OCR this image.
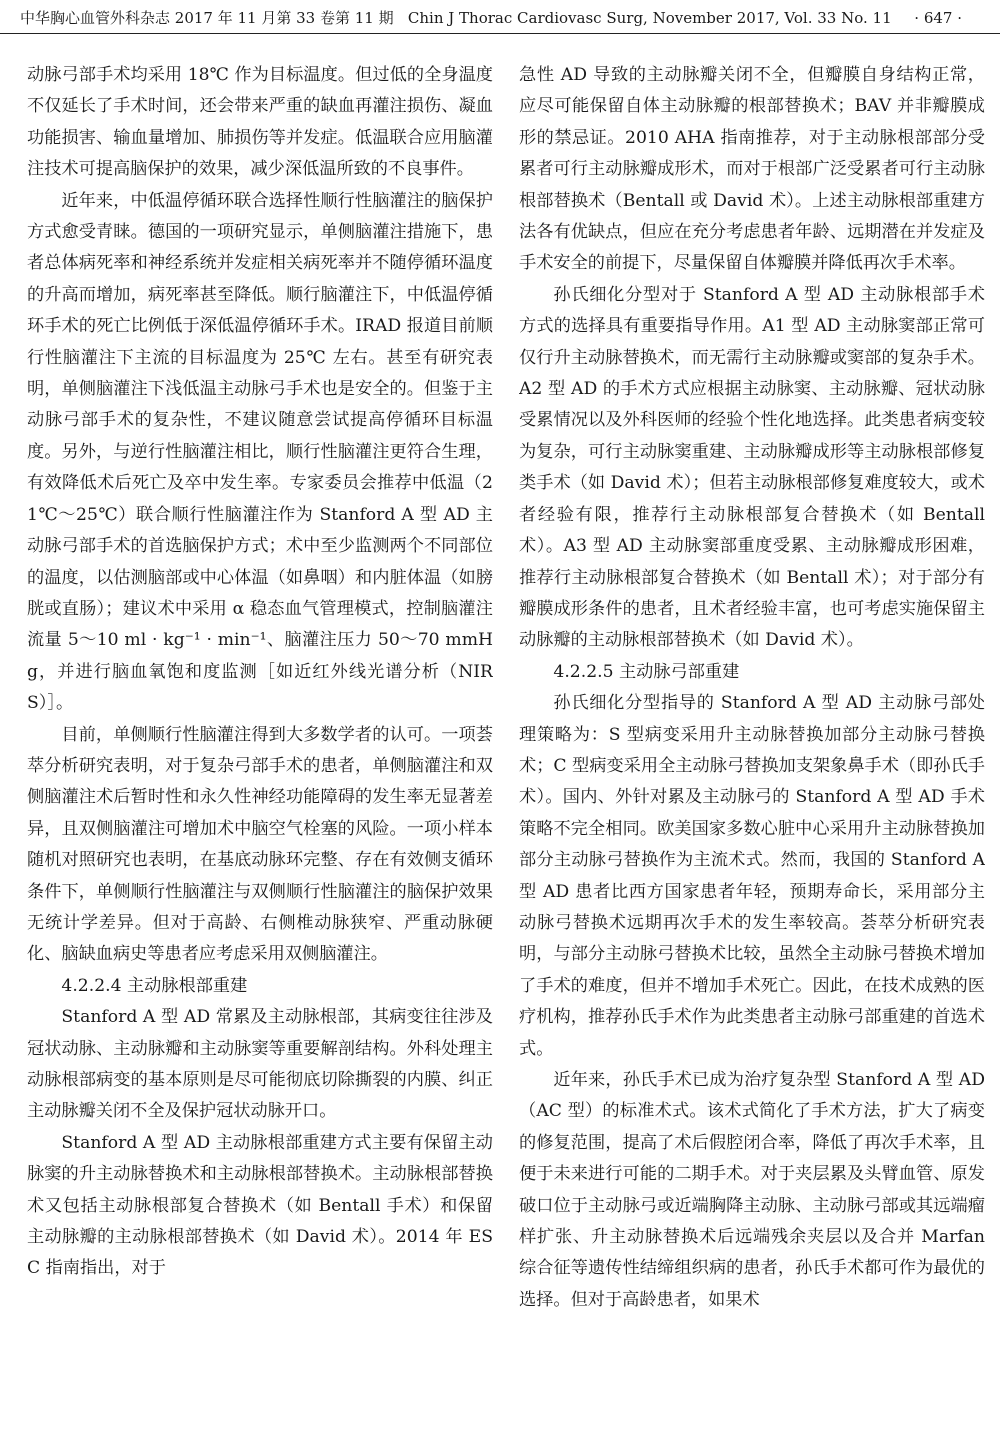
中华胸心血管外科杂志 2017 年 11 月第 33 卷第 11 期 Chin J Thorac Cardiovasc Surg, November 2017, Vol. 33 No. 11 · 647 ·

动脉弓部手术均采用 18℃ 作为目标温度。但过低的全身温度不仅延长了手术时间，还会带来严重的缺血再灌注损伤、凝血功能损害、输血量增加、肺损伤等并发症。低温联合应用脑灌注技术可提高脑保护的效果，减少深低温所致的不良事件。

近年来，中低温停循环联合选择性顺行性脑灌注的脑保护方式愈受青睐。德国的一项研究显示，单侧脑灌注措施下，患者总体病死率和神经系统并发症相关病死率并不随停循环温度的升高而增加，病死率甚至降低。顺行脑灌注下，中低温停循环手术的死亡比例低于深低温停循环手术。IRAD 报道目前顺行性脑灌注下主流的目标温度为 25℃ 左右。甚至有研究表明，单侧脑灌注下浅低温主动脉弓手术也是安全的。但鉴于主动脉弓部手术的复杂性，不建议随意尝试提高停循环目标温度。另外，与逆行性脑灌注相比，顺行性脑灌注更符合生理，有效降低术后死亡及卒中发生率。专家委员会推荐中低温（21℃～25℃）联合顺行性脑灌注作为 Stanford A 型 AD 主动脉弓部手术的首选脑保护方式；术中至少监测两个不同部位的温度，以估测脑部或中心体温（如鼻咽）和内脏体温（如膀胱或直肠）；建议术中采用 α 稳态血气管理模式，控制脑灌注流量 5～10 ml · kg⁻¹ · min⁻¹、脑灌注压力 50～70 mmHg，并进行脑血氧饱和度监测［如近红外线光谱分析（NIRS）］。

目前，单侧顺行性脑灌注得到大多数学者的认可。一项荟萃分析研究表明，对于复杂弓部手术的患者，单侧脑灌注和双侧脑灌注术后暂时性和永久性神经功能障碍的发生率无显著差异，且双侧脑灌注可增加术中脑空气栓塞的风险。一项小样本随机对照研究也表明，在基底动脉环完整、存在有效侧支循环条件下，单侧顺行性脑灌注与双侧顺行性脑灌注的脑保护效果无统计学差异。但对于高龄、右侧椎动脉狭窄、严重动脉硬化、脑缺血病史等患者应考虑采用双侧脑灌注。

4.2.2.4 主动脉根部重建

Stanford A 型 AD 常累及主动脉根部，其病变往往涉及冠状动脉、主动脉瓣和主动脉窦等重要解剖结构。外科处理主动脉根部病变的基本原则是尽可能彻底切除撕裂的内膜、纠正主动脉瓣关闭不全及保护冠状动脉开口。

Stanford A 型 AD 主动脉根部重建方式主要有保留主动脉窦的升主动脉替换术和主动脉根部替换术。主动脉根部替换术又包括主动脉根部复合替换术（如 Bentall 手术）和保留主动脉瓣的主动脉根部替换术（如 David 术）。2014 年 ESC 指南指出，对于

急性 AD 导致的主动脉瓣关闭不全，但瓣膜自身结构正常，应尽可能保留自体主动脉瓣的根部替换术；BAV 并非瓣膜成形的禁忌证。2010 AHA 指南推荐，对于主动脉根部部分受累者可行主动脉瓣成形术，而对于根部广泛受累者可行主动脉根部替换术（Bentall 或 David 术）。上述主动脉根部重建方法各有优缺点，但应在充分考虑患者年龄、远期潜在并发症及手术安全的前提下，尽量保留自体瓣膜并降低再次手术率。

孙氏细化分型对于 Stanford A 型 AD 主动脉根部手术方式的选择具有重要指导作用。A1 型 AD 主动脉窦部正常可仅行升主动脉替换术，而无需行主动脉瓣或窦部的复杂手术。A2 型 AD 的手术方式应根据主动脉窦、主动脉瓣、冠状动脉受累情况以及外科医师的经验个性化地选择。此类患者病变较为复杂，可行主动脉窦重建、主动脉瓣成形等主动脉根部修复类手术（如 David 术）；但若主动脉根部修复难度较大，或术者经验有限，推荐行主动脉根部复合替换术（如 Bentall 术）。A3 型 AD 主动脉窦部重度受累、主动脉瓣成形困难，推荐行主动脉根部复合替换术（如 Bentall 术）；对于部分有瓣膜成形条件的患者，且术者经验丰富，也可考虑实施保留主动脉瓣的主动脉根部替换术（如 David 术）。

4.2.2.5 主动脉弓部重建

孙氏细化分型指导的 Stanford A 型 AD 主动脉弓部处理策略为：S 型病变采用升主动脉替换加部分主动脉弓替换术；C 型病变采用全主动脉弓替换加支架象鼻手术（即孙氏手术）。国内、外针对累及主动脉弓的 Stanford A 型 AD 手术策略不完全相同。欧美国家多数心脏中心采用升主动脉替换加部分主动脉弓替换作为主流术式。然而，我国的 Stanford A 型 AD 患者比西方国家患者年轻，预期寿命长，采用部分主动脉弓替换术远期再次手术的发生率较高。荟萃分析研究表明，与部分主动脉弓替换术比较，虽然全主动脉弓替换术增加了手术的难度，但并不增加手术死亡。因此，在技术成熟的医疗机构，推荐孙氏手术作为此类患者主动脉弓部重建的首选术式。

近年来，孙氏手术已成为治疗复杂型 Stanford A 型 AD（AC 型）的标准术式。该术式简化了手术方法，扩大了病变的修复范围，提高了术后假腔闭合率，降低了再次手术率，且便于未来进行可能的二期手术。对于夹层累及头臂血管、原发破口位于主动脉弓或近端胸降主动脉、主动脉弓部或其远端瘤样扩张、升主动脉替换术后远端残余夹层以及合并 Marfan 综合征等遗传性结缔组织病的患者，孙氏手术都可作为最优的选择。但对于高龄患者，如果术
